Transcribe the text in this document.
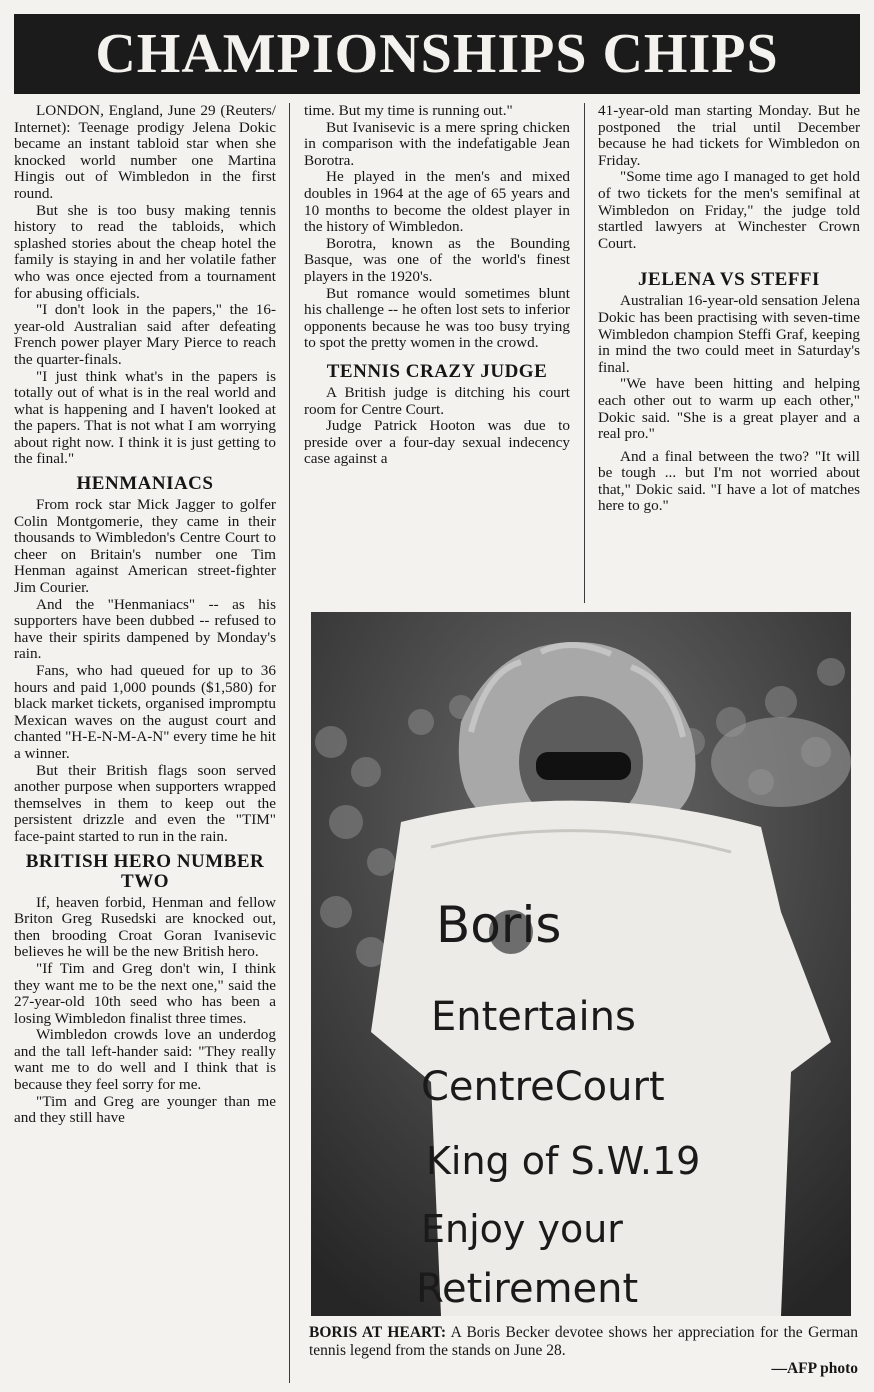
CHAMPIONSHIPS CHIPS

LONDON, England, June 29 (Reuters/ Internet): Teenage prodigy Jelena Dokic became an instant tabloid star when she knocked world number one Martina Hingis out of Wimbledon in the first round.

But she is too busy making tennis history to read the tabloids, which splashed stories about the cheap hotel the family is staying in and her volatile father who was once ejected from a tournament for abusing officials.

"I don't look in the papers," the 16-year-old Australian said after defeating French power player Mary Pierce to reach the quarter-finals.

"I just think what's in the papers is totally out of what is in the real world and what is happening and I haven't looked at the papers. That is not what I am worrying about right now. I think it is just getting to the final."

HENMANIACS

From rock star Mick Jagger to golfer Colin Montgomerie, they came in their thousands to Wimbledon's Centre Court to cheer on Britain's number one Tim Henman against American street-fighter Jim Courier.

And the "Henmaniacs" -- as his supporters have been dubbed -- refused to have their spirits dampened by Monday's rain.

Fans, who had queued for up to 36 hours and paid 1,000 pounds ($1,580) for black market tickets, organised impromptu Mexican waves on the august court and chanted "H-E-N-M-A-N" every time he hit a winner.

But their British flags soon served another purpose when supporters wrapped themselves in them to keep out the persistent drizzle and even the "TIM" face-paint started to run in the rain.

BRITISH HERO NUMBER TWO

If, heaven forbid, Henman and fellow Briton Greg Rusedski are knocked out, then brooding Croat Goran Ivanisevic believes he will be the new British hero.

"If Tim and Greg don't win, I think they want me to be the next one," said the 27-year-old 10th seed who has been a losing Wimbledon finalist three times.

Wimbledon crowds love an underdog and the tall left-hander said: "They really want me to do well and I think that is because they feel sorry for me.

"Tim and Greg are younger than me and they still have

time. But my time is running out."

But Ivanisevic is a mere spring chicken in comparison with the indefatigable Jean Borotra.

He played in the men's and mixed doubles in 1964 at the age of 65 years and 10 months to become the oldest player in the history of Wimbledon.

Borotra, known as the Bounding Basque, was one of the world's finest players in the 1920's.

But romance would sometimes blunt his challenge -- he often lost sets to inferior opponents because he was too busy trying to spot the pretty women in the crowd.

TENNIS CRAZY JUDGE

A British judge is ditching his court room for Centre Court.

Judge Patrick Hooton was due to preside over a four-day sexual indecency case against a

41-year-old man starting Monday. But he postponed the trial until December because he had tickets for Wimbledon on Friday.

"Some time ago I managed to get hold of two tickets for the men's semifinal at Wimbledon on Friday," the judge told startled lawyers at Winchester Crown Court.

JELENA VS STEFFI

Australian 16-year-old sensation Jelena Dokic has been practising with seven-time Wimbledon champion Steffi Graf, keeping in mind the two could meet in Saturday's final.

"We have been hitting and helping each other out to warm up each other," Dokic said. "She is a great player and a real pro."

And a final between the two? "It will be tough ... but I'm not worried about that," Dokic said. "I have a lot of matches here to go."

Boris
Entertains
CentreCourt
King of S.W.19
Enjoy your
Retirement
BORIS AT HEART: A Boris Becker devotee shows her appreciation for the German tennis legend from the stands on June 28.
—AFP photo
